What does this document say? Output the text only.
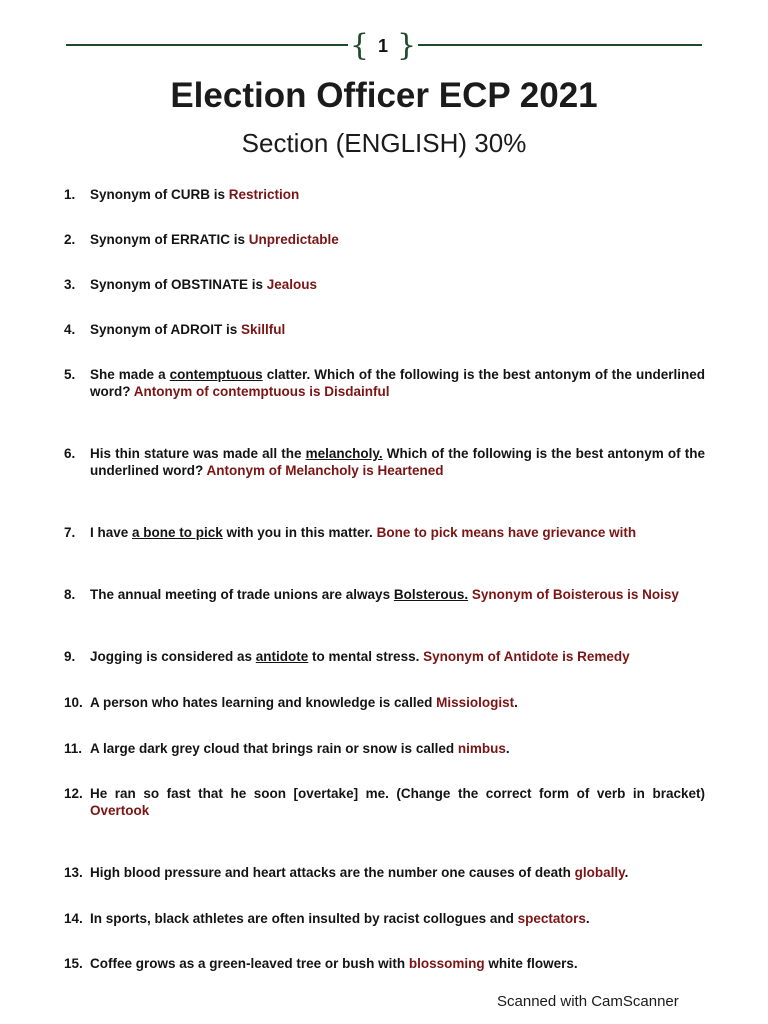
{ 1 }
Election Officer ECP 2021
Section (ENGLISH) 30%
1. Synonym of CURB is Restriction
2. Synonym of ERRATIC is Unpredictable
3. Synonym of OBSTINATE is Jealous
4. Synonym of ADROIT is Skillful
5. She made a contemptuous clatter. Which of the following is the best antonym of the underlined word? Antonym of contemptuous is Disdainful
6. His thin stature was made all the melancholy. Which of the following is the best antonym of the underlined word? Antonym of Melancholy is Heartened
7. I have a bone to pick with you in this matter. Bone to pick means have grievance with
8. The annual meeting of trade unions are always Bolsterous. Synonym of Boisterous is Noisy
9. Jogging is considered as antidote to mental stress. Synonym of Antidote is Remedy
10. A person who hates learning and knowledge is called Missiologist.
11. A large dark grey cloud that brings rain or snow is called nimbus.
12. He ran so fast that he soon [overtake] me. (Change the correct form of verb in bracket) Overtook
13. High blood pressure and heart attacks are the number one causes of death globally.
14. In sports, black athletes are often insulted by racist collogues and spectators.
15. Coffee grows as a green-leaved tree or bush with blossoming white flowers.
Scanned with CamScanner
